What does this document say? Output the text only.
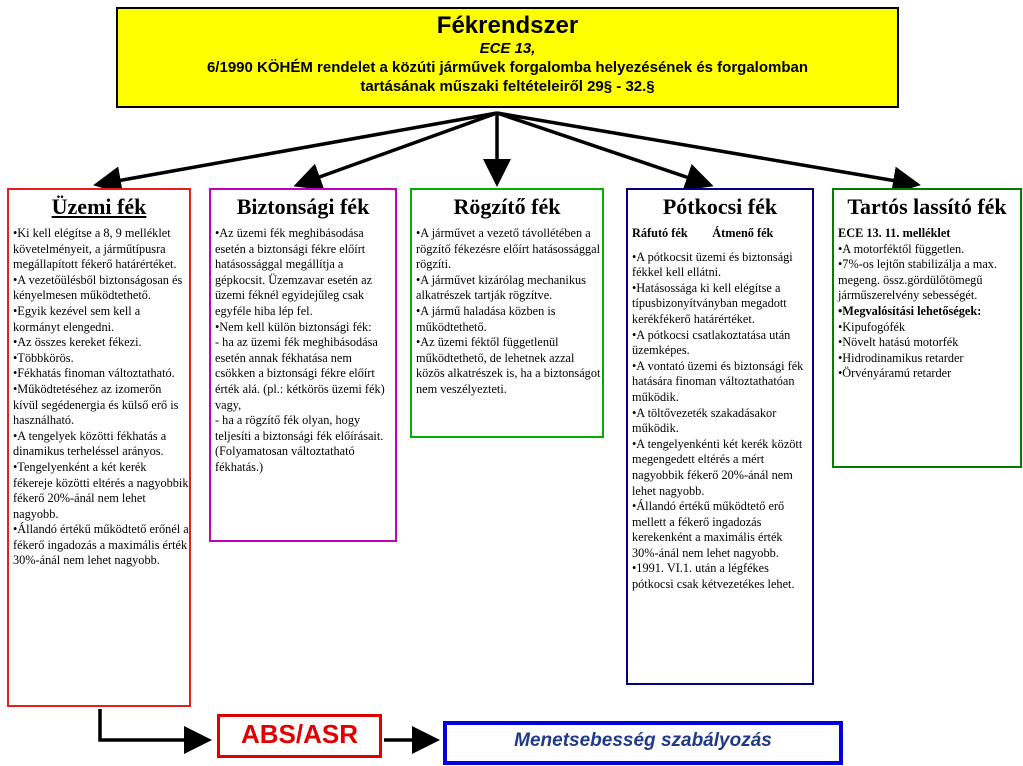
Fékrendszer
ECE 13,
6/1990 KÖHÉM rendelet a közúti járművek forgalomba helyezésének és forgalomban
tartásának műszaki feltételeiről 29§ - 32.§
Üzemi fék
•Ki kell elégítse a 8, 9 melléklet követelményeit, a járműtípusra megállapított fékerő határértéket.
•A vezetőülésből biztonságosan és kényelmesen működtethető.
•Egyik kezével sem kell a kormányt elengedni.
•Az összes kereket fékezi.
•Többkörös.
•Fékhatás finoman változtatható.
•Működtetéséhez az izomerőn kívül segédenergia és külső erő is használható.
•A tengelyek közötti fékhatás a dinamikus terheléssel arányos.
•Tengelyenként a két kerék fékereje közötti eltérés a nagyobbik fékerő 20%-ánál nem lehet nagyobb.
•Állandó értékű működtető erőnél a fékerő ingadozás a maximális érték 30%-ánál nem lehet nagyobb.
Biztonsági fék
•Az üzemi fék meghibásodása esetén a biztonsági fékre előírt hatásossággal megállítja a gépkocsit. Üzemzavar esetén az üzemi féknél egyidejűleg csak egyféle hiba lép fel.
•Nem kell külön biztonsági fék:
- ha az üzemi fék meghibásodása esetén annak fékhatása nem csökken a biztonsági fékre előírt érték alá. (pl.: kétkörös üzemi fék) vagy,
- ha a rögzítő fék olyan, hogy teljesíti a biztonsági fék előírásait. (Folyamatosan változtatható fékhatás.)
Rögzítő fék
•A járművet a vezető távollétében a rögzítő fékezésre előírt hatásossággal rögzíti.
•A járművet kizárólag mechanikus alkatrészek tartják rögzítve.
•A jármű haladása közben is működtethető.
•Az üzemi féktől függetlenül működtethető, de lehetnek azzal közös alkatrészek is, ha a biztonságot nem veszélyezteti.
Pótkocsi fék
Ráfutó fék        Átmenő fék
•A pótkocsit üzemi és biztonsági fékkel kell ellátni.
•Hatásossága ki kell elégítse a típusbizonyítványban megadott kerékfékerő határértéket.
•A pótkocsi csatlakoztatása után üzemképes.
•A vontató üzemi és biztonsági fék hatására finoman változtathatóan működik.
•A töltővezeték szakadásakor működik.
•A tengelyenkénti két kerék között megengedett eltérés a mért nagyobbik fékerő 20%-ánál nem lehet nagyobb.
•Állandó értékű működtető erő mellett a fékerő ingadozás kerekenként a maximális érték 30%-ánál nem lehet nagyobb.
•1991. VI.1. után a légfékes pótkocsi csak kétvezetékes lehet.
Tartós lassító fék
ECE 13. 11. melléklet
•A motorféktől független.
•7%-os lejtőn stabilizálja a max. megeng. össz.gördülőtömegű járműszerelvény sebességét.
•Megvalósítási lehetőségek:
•Kipufogófék
•Növelt hatású motorfék
•Hidrodinamikus retarder
•Örvényáramú retarder
ABS/ASR	Menetsebesség szabályozás
